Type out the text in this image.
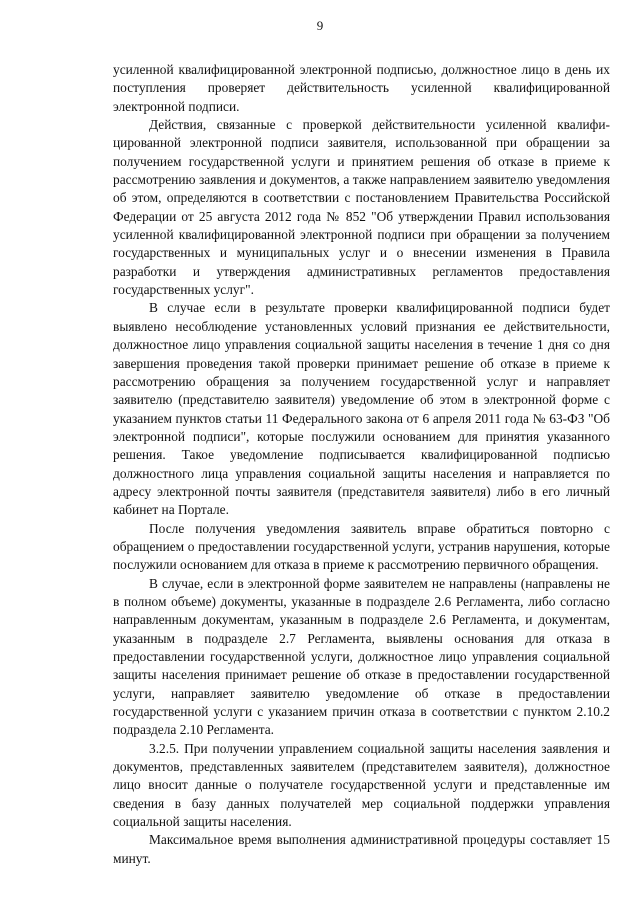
9

усиленной квалифицированной электронной подписью, должностное лицо в день их поступления проверяет действительность усиленной квалифицированной электронной подписи.

Действия, связанные с проверкой действительности усиленной квалифицированной электронной подписи заявителя, использованной при обращении за получением государственной услуги и принятием решения об отказе в приеме к рассмотрению заявления и документов, а также направлением заявителю уведомления об этом, определяются в соответствии с постановлением Правительства Российской Федерации от 25 августа 2012 года № 852 "Об утверждении Правил использования усиленной квалифицированной электронной подписи при обращении за получением государственных и муниципальных услуг и о внесении изменения в Правила разработки и утверждения административных регламентов предоставления государственных услуг".

В случае если в результате проверки квалифицированной подписи будет выявлено несоблюдение установленных условий признания ее действительности, должностное лицо управления социальной защиты населения в течение 1 дня со дня завершения проведения такой проверки принимает решение об отказе в приеме к рассмотрению обращения за получением государственной услуг и направляет заявителю (представителю заявителя) уведомление об этом в электронной форме с указанием пунктов статьи 11 Федерального закона от 6 апреля 2011 года № 63-ФЗ "Об электронной подписи", которые послужили основанием для принятия указанного решения. Такое уведомление подписывается квалифицированной подписью должностного лица управления социальной защиты населения и направляется по адресу электронной почты заявителя (представителя заявителя) либо в его личный кабинет на Портале.

После получения уведомления заявитель вправе обратиться повторно с обращением о предоставлении государственной услуги, устранив нарушения, которые послужили основанием для отказа в приеме к рассмотрению первичного обращения.

В случае, если в электронной форме заявителем не направлены (направлены не в полном объеме) документы, указанные в подразделе 2.6 Регламента, либо согласно направленным документам, указанным в подразделе 2.6 Регламента, и документам, указанным в подразделе 2.7 Регламента, выявлены основания для отказа в предоставлении государственной услуги, должностное лицо управления социальной защиты населения принимает решение об отказе в предоставлении государственной услуги, направляет заявителю уведомление об отказе в предоставлении государственной услуги с указанием причин отказа в соответствии с пунктом 2.10.2 подраздела 2.10 Регламента.

3.2.5. При получении управлением социальной защиты населения заявления и документов, представленных заявителем (представителем заявителя), должностное лицо вносит данные о получателе государственной услуги и представленные им сведения в базу данных получателей мер социальной поддержки управления социальной защиты населения.

Максимальное время выполнения административной процедуры составляет 15 минут.
